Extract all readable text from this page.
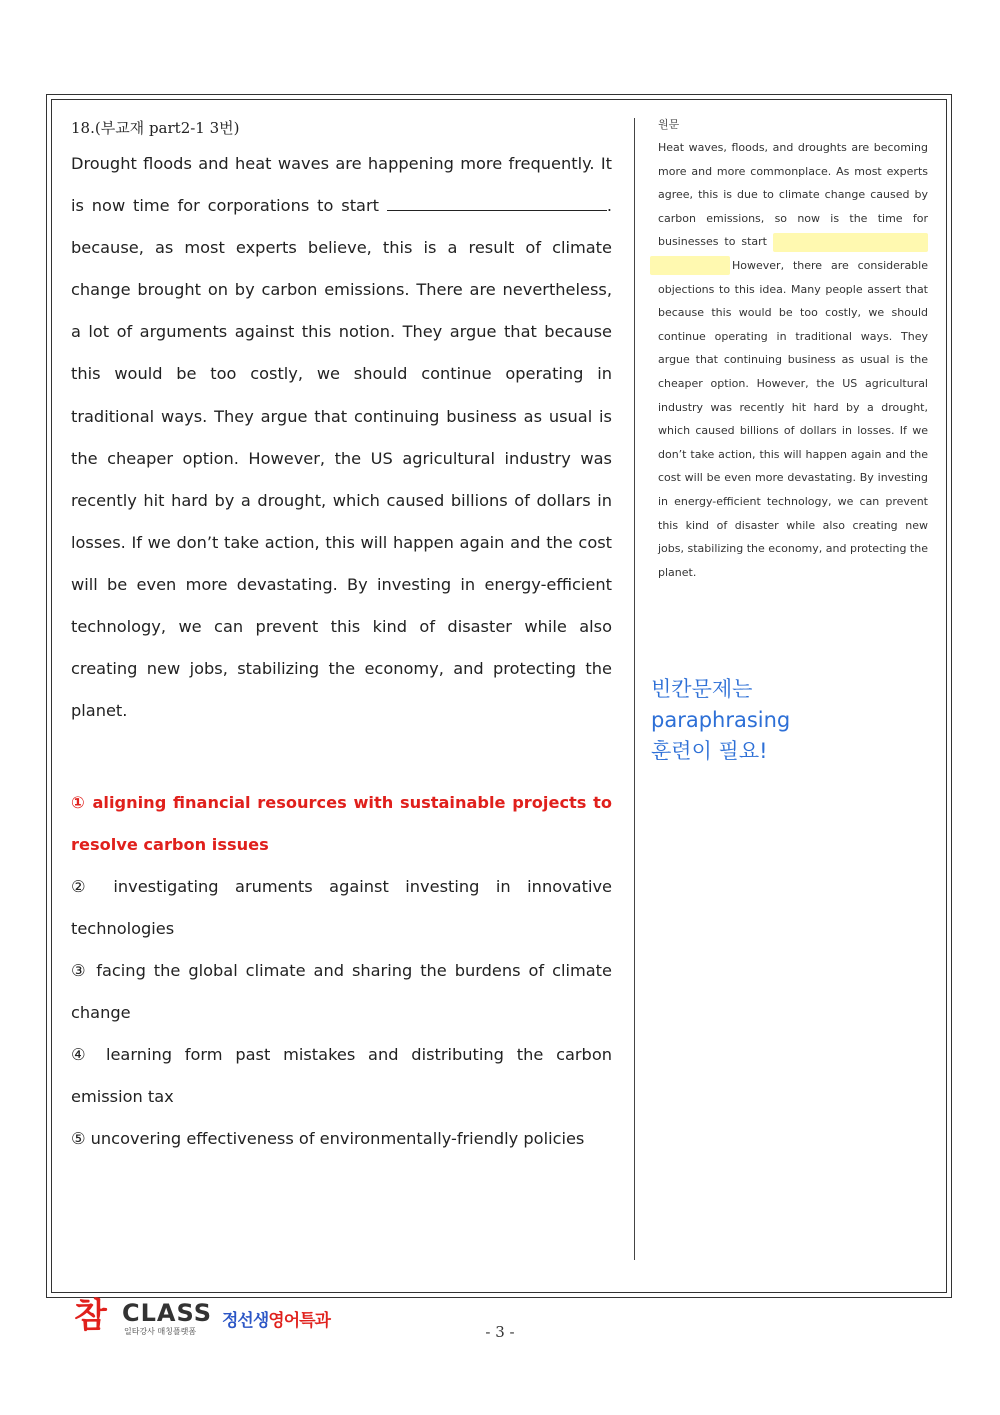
18.(부교재 part2-1 3번)

Drought floods and heat waves are happening more frequently. It is now time for corporations to start	. because, as most experts believe, this is a result of climate change brought on by carbon emissions. There are nevertheless, a lot of arguments against this notion. They argue that because this would be too costly, we should continue operating in traditional ways. They argue that continuing business as usual is the cheaper option. However, the US agricultural industry was recently hit hard by a drought, which caused billions of dollars in losses. If we don’t take action, this will happen again and the cost will be even more devastating. By investing in energy-efficient technology, we can prevent this kind of disaster while also creating new jobs, stabilizing the economy, and protecting the planet.

① aligning financial resources with sustainable projects to resolve carbon issues

② investigating aruments against investing in innovative technologies

③ facing the global climate and sharing the burdens of climate change

④ learning form past mistakes and distributing the carbon emission tax

⑤ uncovering effectiveness of environmentally-friendly policies

원문

Heat waves, floods, and droughts are becoming more and more commonplace. As most experts agree, this is due to climate change caused by carbon emissions, so now is the time for businesses to start However, there are considerable objections to this idea. Many people assert that because this would be too costly, we should continue operating in traditional ways. They argue that continuing business as usual is the cheaper option. However, the US agricultural industry was recently hit hard by a drought, which caused billions of dollars in losses. If we don’t take action, this will happen again and the cost will be even more devastating. By investing in energy-efficient technology, we can prevent this kind of disaster while also creating new jobs, stabilizing the economy, and protecting the planet.

빈칸문제는
paraphrasing
훈련이 필요!
참 CLASS
일타강사 매칭플랫폼
정선생영어특과
- 3 -
